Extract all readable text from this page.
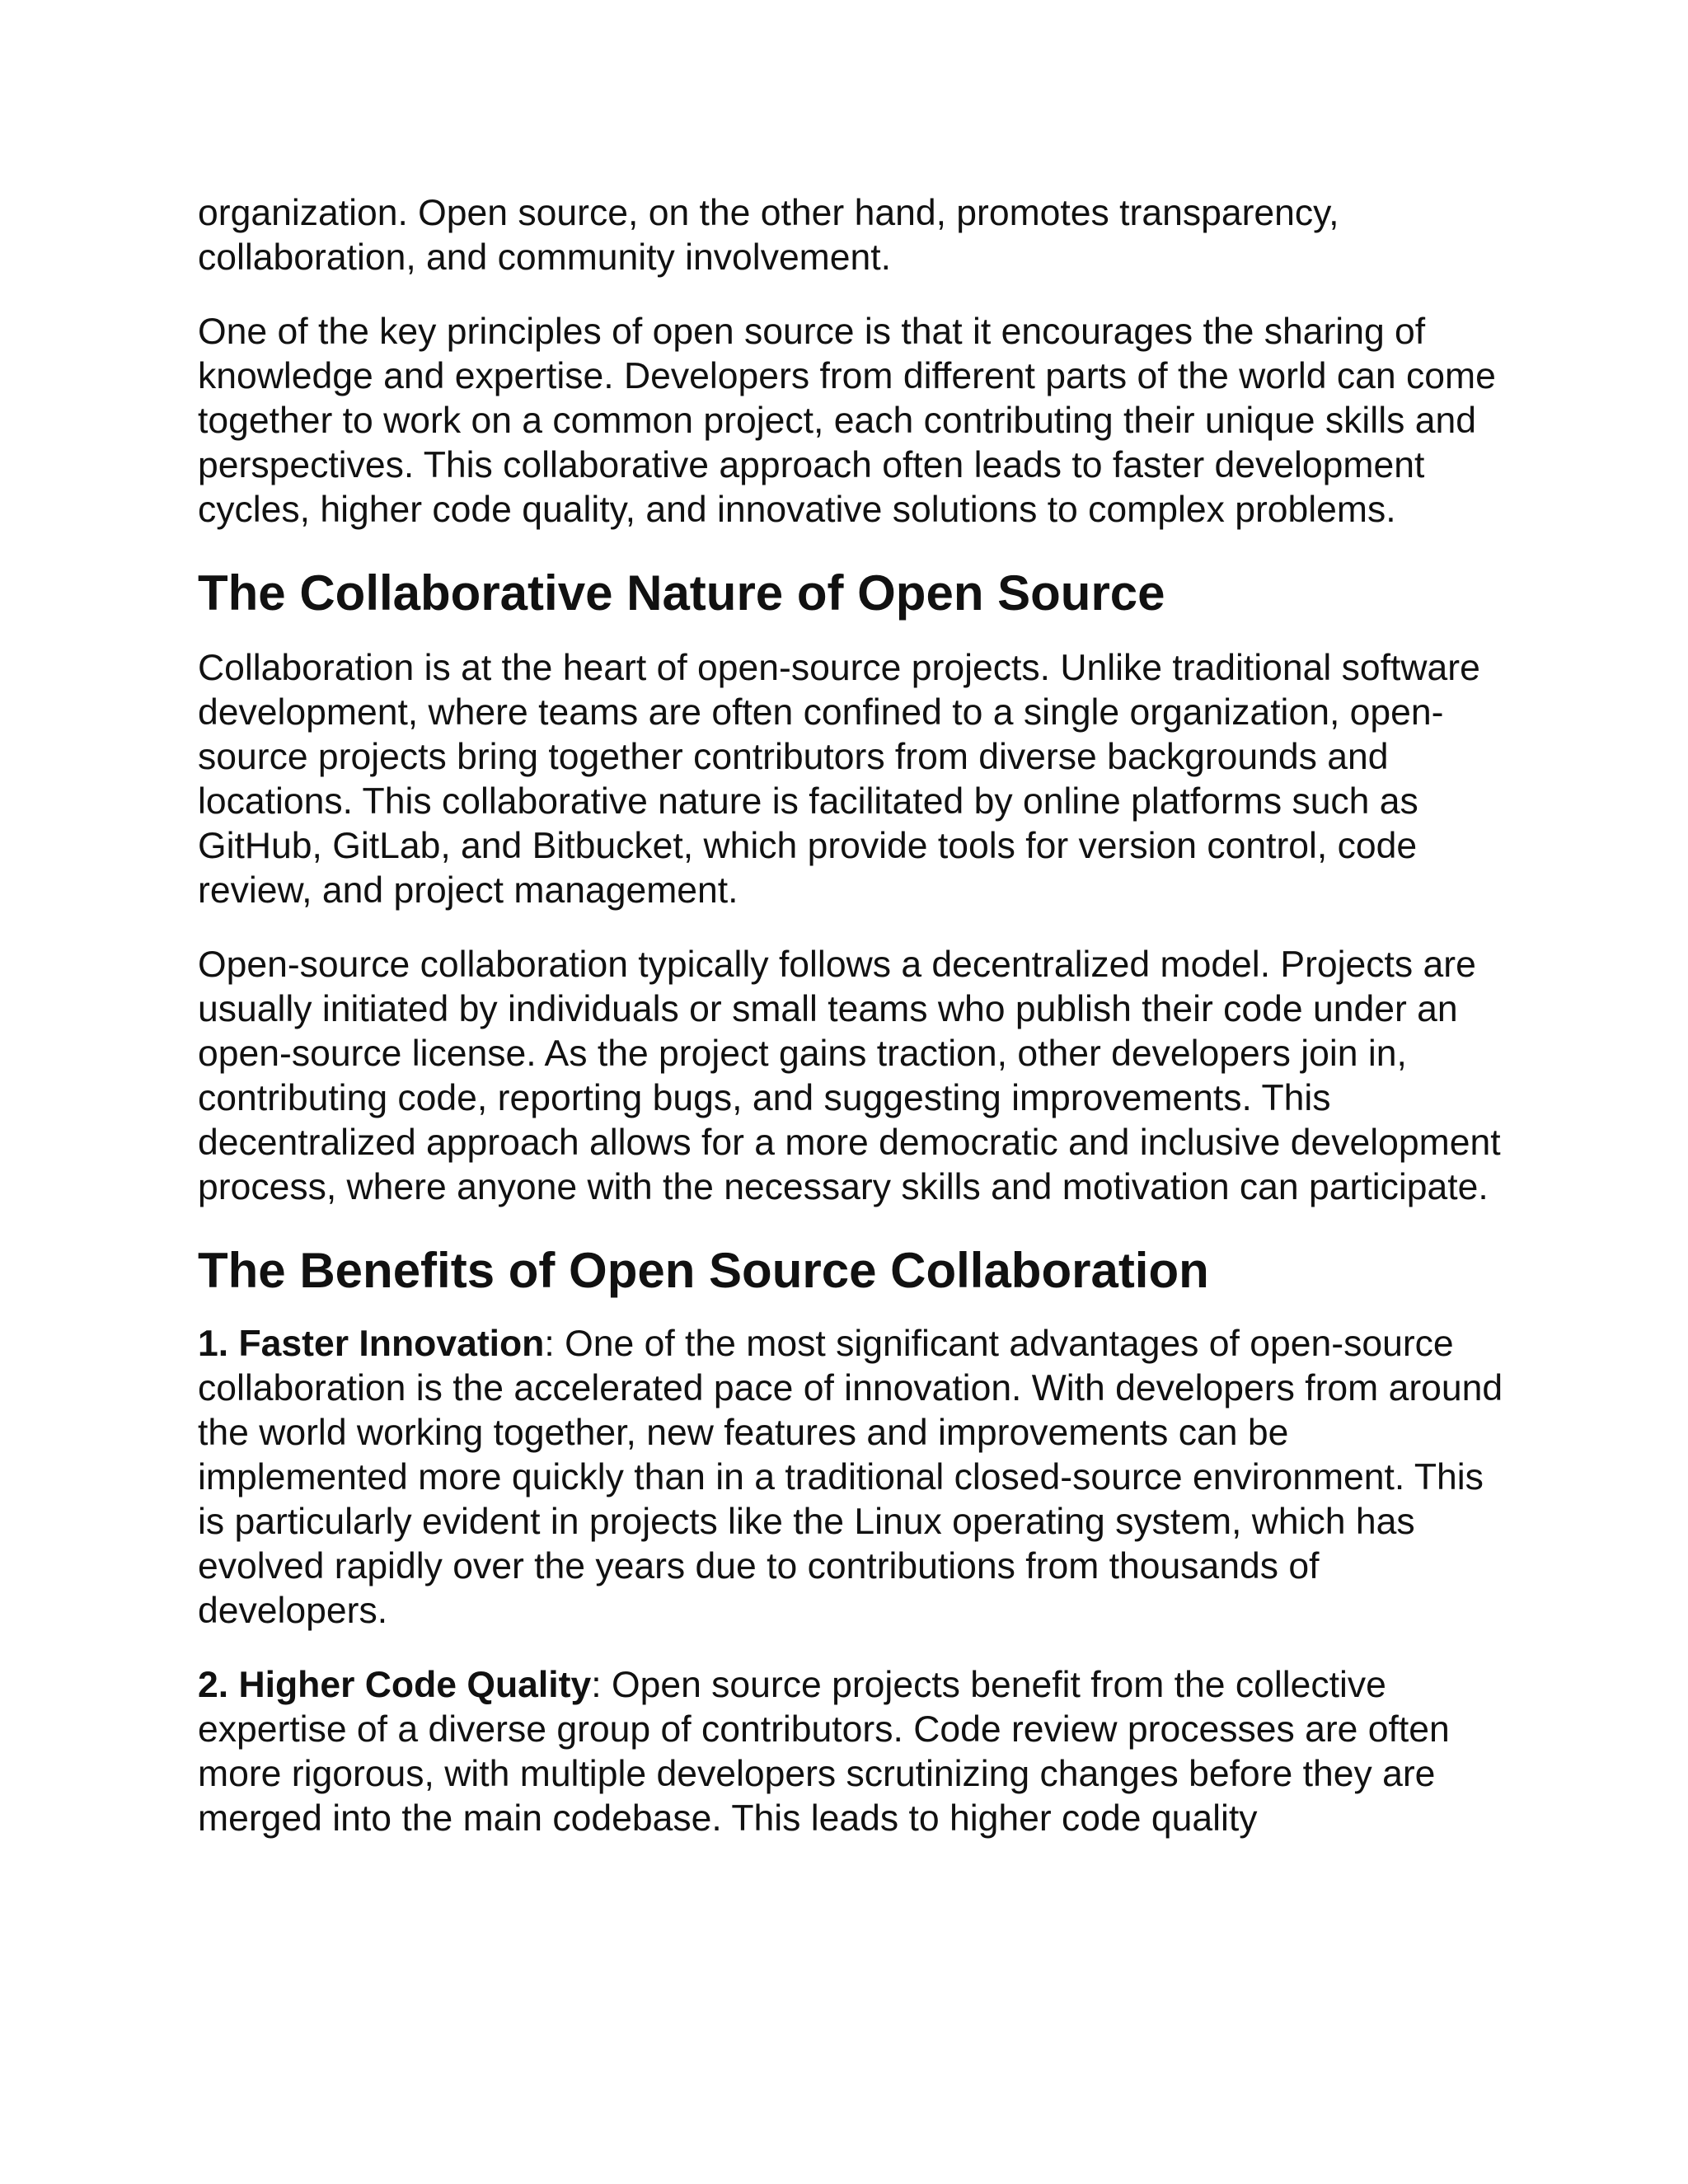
organization. Open source, on the other hand, promotes transparency, collaboration, and community involvement.

One of the key principles of open source is that it encourages the sharing of knowledge and expertise. Developers from different parts of the world can come together to work on a common project, each contributing their unique skills and perspectives. This collaborative approach often leads to faster development cycles, higher code quality, and innovative solutions to complex problems.

The Collaborative Nature of Open Source

Collaboration is at the heart of open-source projects. Unlike traditional software development, where teams are often confined to a single organization, open-source projects bring together contributors from diverse backgrounds and locations. This collaborative nature is facilitated by online platforms such as GitHub, GitLab, and Bitbucket, which provide tools for version control, code review, and project management.

Open-source collaboration typically follows a decentralized model. Projects are usually initiated by individuals or small teams who publish their code under an open-source license. As the project gains traction, other developers join in, contributing code, reporting bugs, and suggesting improvements. This decentralized approach allows for a more democratic and inclusive development process, where anyone with the necessary skills and motivation can participate.

The Benefits of Open Source Collaboration

1. Faster Innovation: One of the most significant advantages of open-source collaboration is the accelerated pace of innovation. With developers from around the world working together, new features and improvements can be implemented more quickly than in a traditional closed-source environment. This is particularly evident in projects like the Linux operating system, which has evolved rapidly over the years due to contributions from thousands of developers.

2. Higher Code Quality: Open source projects benefit from the collective expertise of a diverse group of contributors. Code review processes are often more rigorous, with multiple developers scrutinizing changes before they are merged into the main codebase. This leads to higher code quality
